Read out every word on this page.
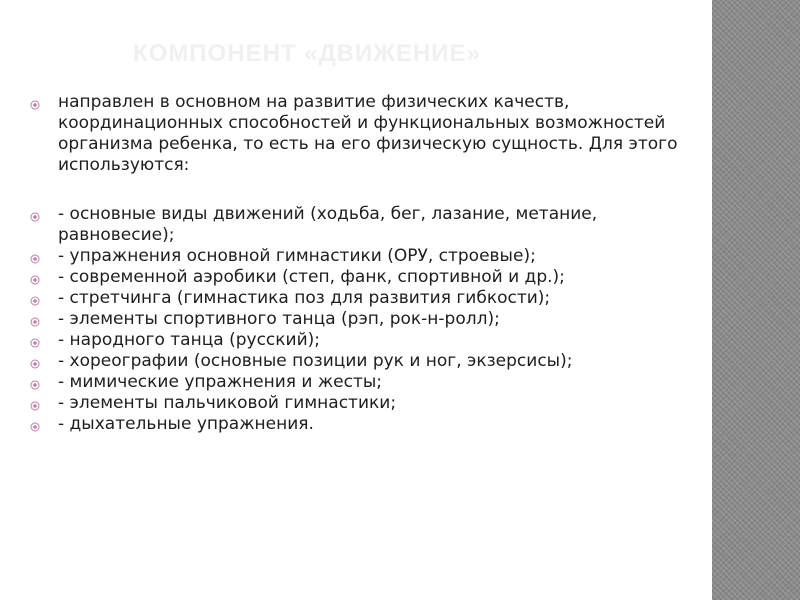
КОМПОНЕНТ «ДВИЖЕНИЕ»
направлен в основном на развитие физических качеств, координационных способностей и функциональных возможностей организма ребенка, то есть на его физическую сущность. Для этого используются:
- основные виды движений (ходьба, бег, лазание, метание, равновесие);
- упражнения основной гимнастики (ОРУ, строевые);
- современной аэробики (степ, фанк, спортивной и др.);
- стретчинга (гимнастика поз для развития гибкости);
- элементы спортивного танца (рэп, рок-н-ролл);
- народного танца (русский);
- хореографии (основные позиции рук и ног, экзерсисы);
- мимические упражнения и жесты;
- элементы пальчиковой гимнастики;
- дыхательные упражнения.
